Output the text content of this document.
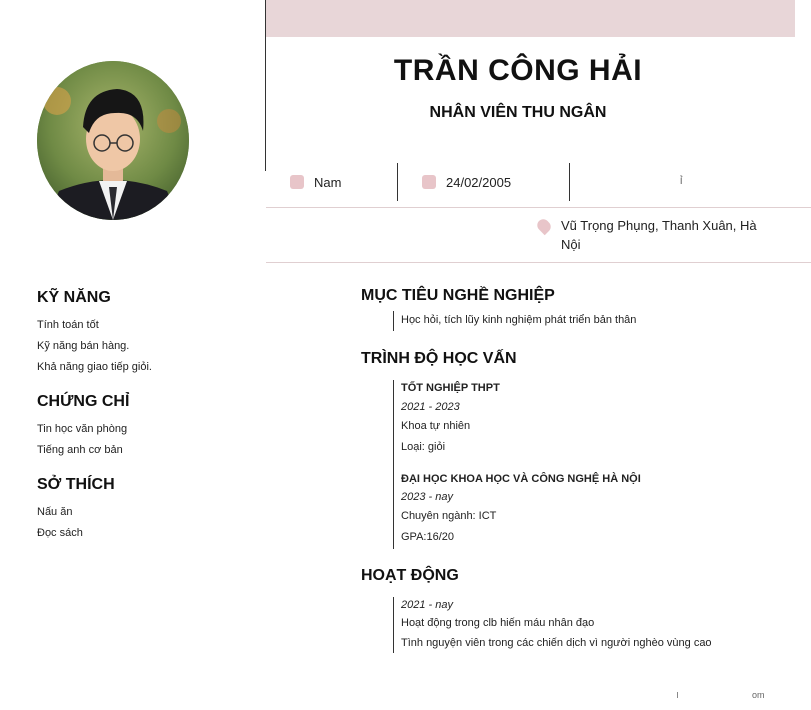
TRẦN CÔNG HẢI
NHÂN VIÊN THU NGÂN
Nam	24/02/2005	ỉ
Vũ Trọng Phụng, Thanh Xuân, Hà Nội
KỸ NĂNG
Tính toán tốt
Kỹ năng bán hàng.
Khả năng giao tiếp giỏi.
CHỨNG CHỈ
Tin học văn phòng
Tiếng anh cơ bản
SỞ THÍCH
Nấu ăn
Đọc sách
MỤC TIÊU NGHỀ NGHIỆP
Học hỏi, tích lũy kinh nghiệm phát triển bản thân
TRÌNH ĐỘ HỌC VẤN
TỐT NGHIỆP THPT
2021 - 2023
Khoa tự nhiên
Loại: giỏi
ĐẠI HỌC KHOA HỌC VÀ CÔNG NGHỆ HÀ NỘI
2023 - nay
Chuyên ngành: ICT
GPA:16/20
HOẠT ĐỘNG
2021 - nay
Hoạt động trong clb hiến máu nhân đạo
Tình nguyện viên trong các chiến dịch vì người nghèo vùng cao
om
